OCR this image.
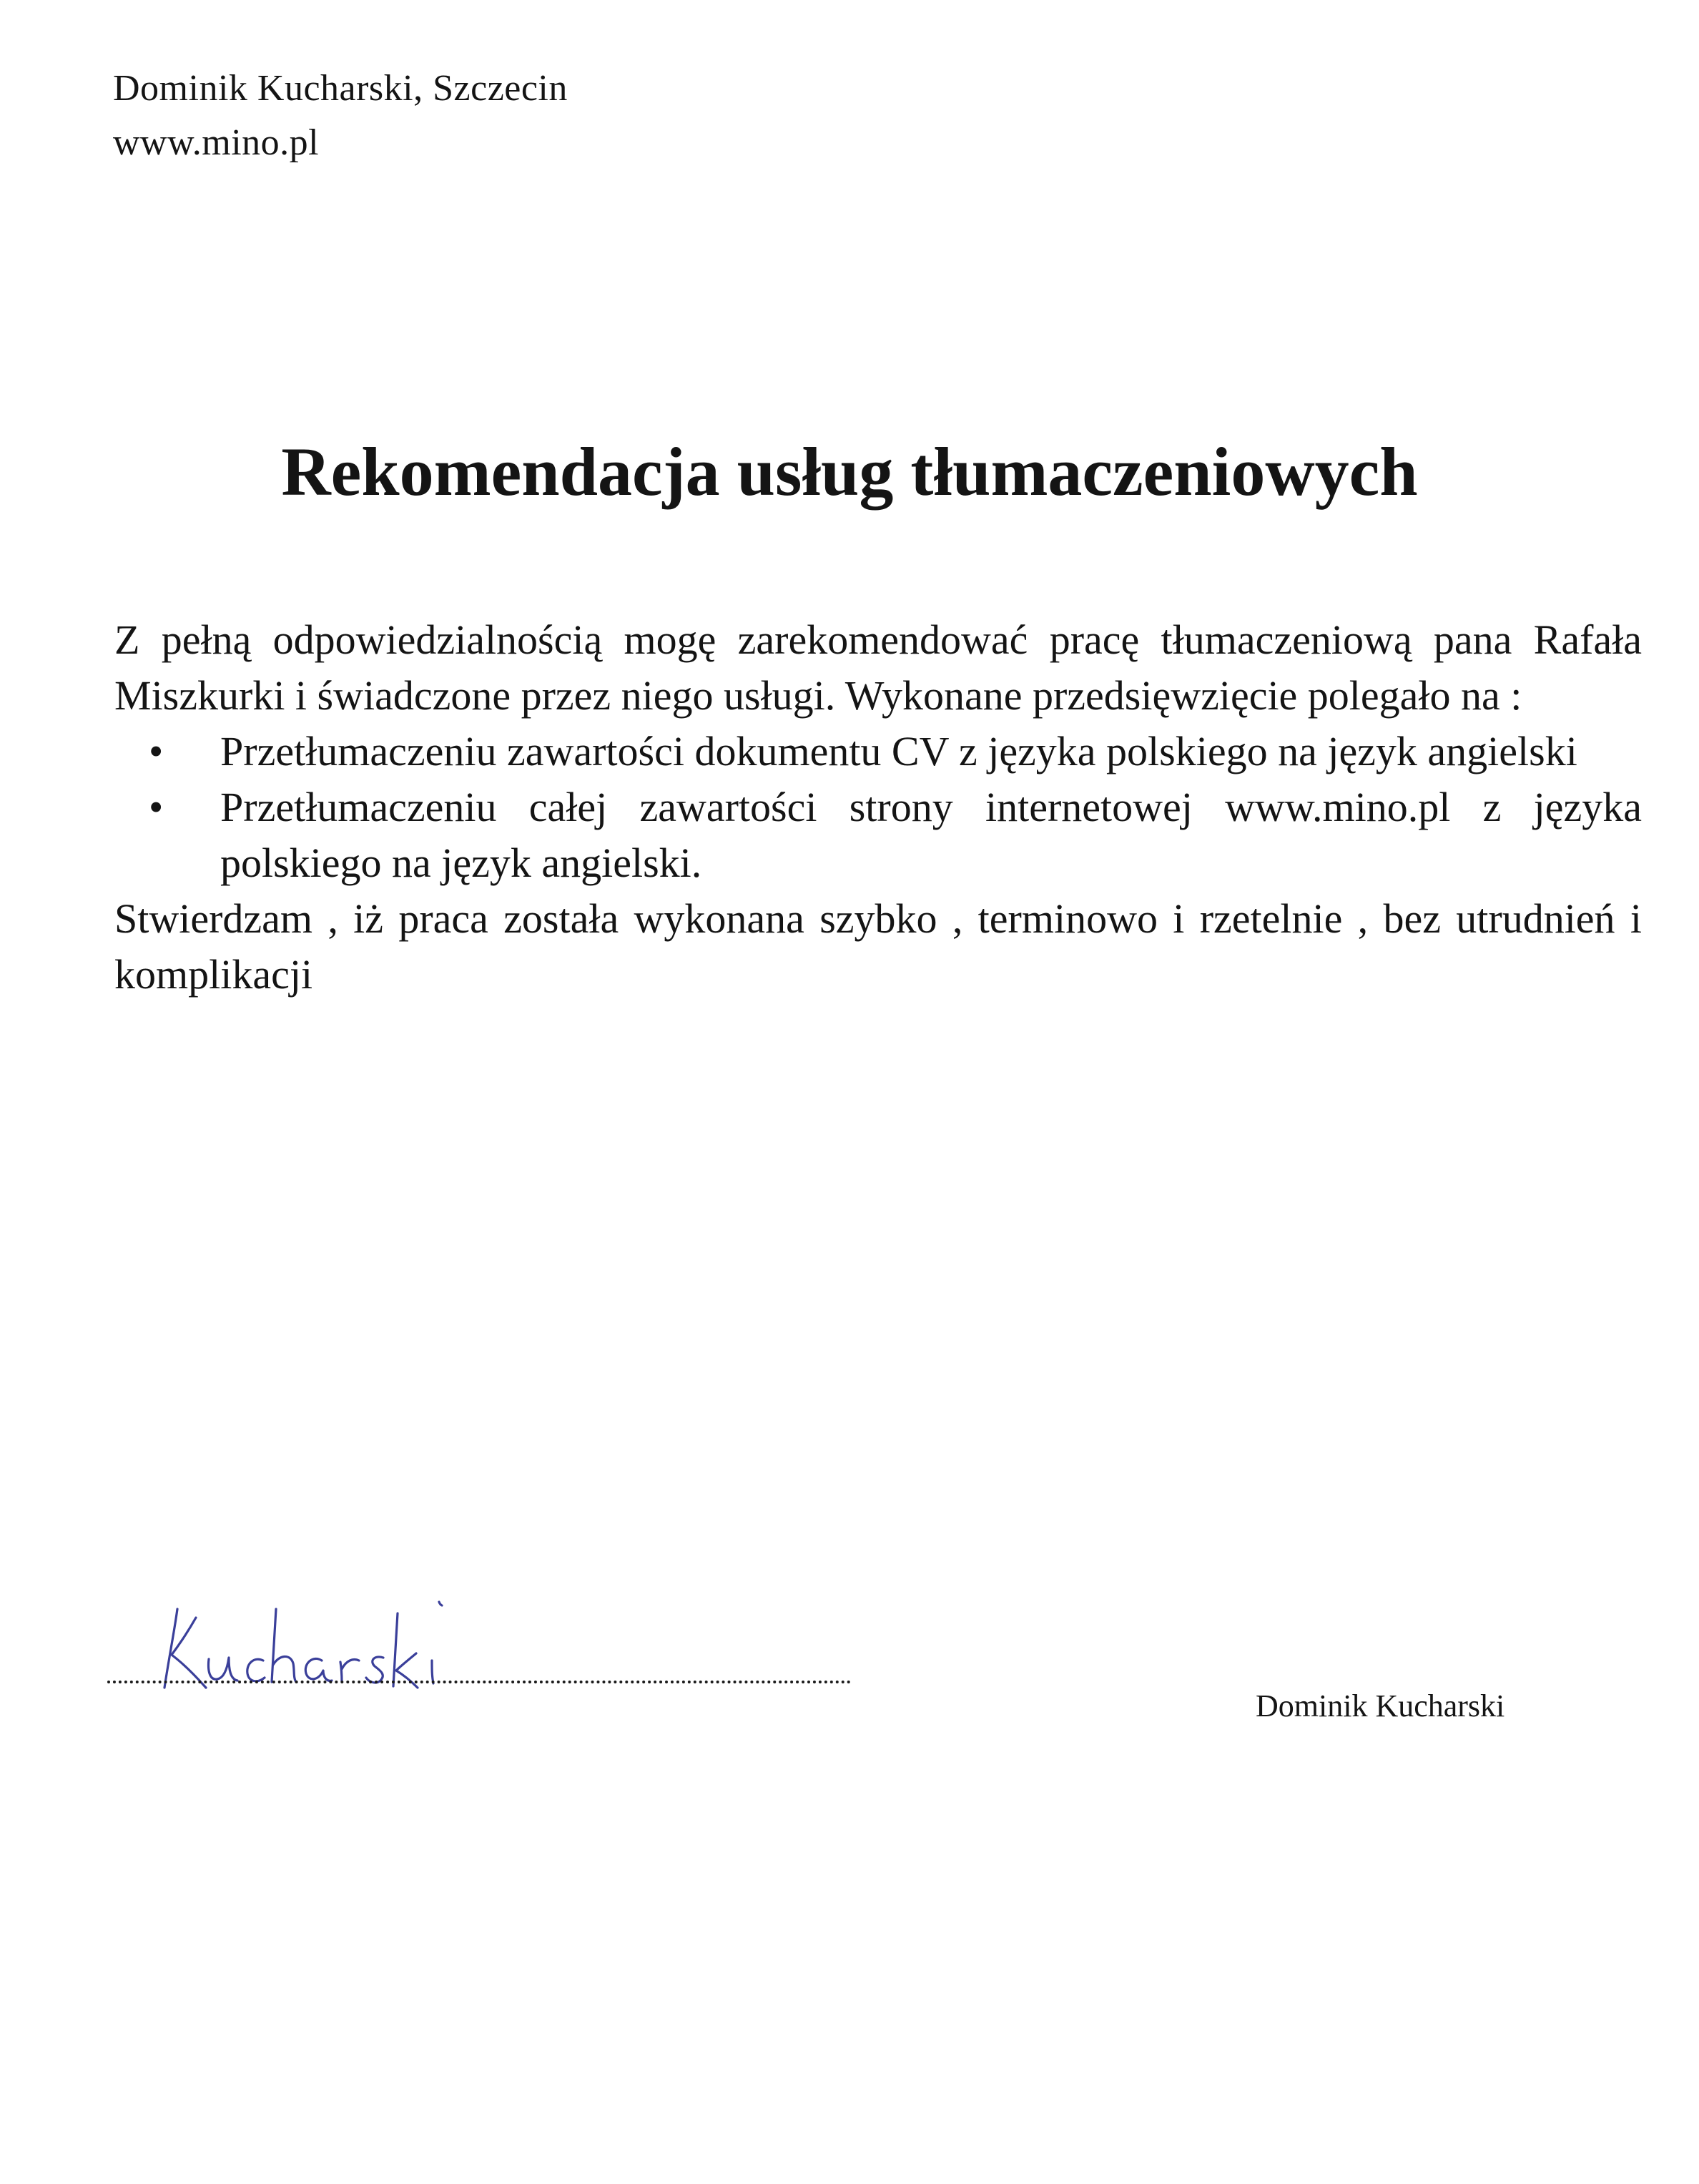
Dominik Kucharski, Szczecin
www.mino.pl
Rekomendacja usług tłumaczeniowych

Z pełną odpowiedzialnością mogę zarekomendować pracę tłumaczeniową pana Rafała Miszkurki i świadczone przez niego usługi. Wykonane przedsięwzięcie polegało na :

• Przetłumaczeniu zawartości dokumentu CV z języka polskiego na język angielski
• Przetłumaczeniu całej zawartości strony internetowej www.mino.pl z języka polskiego na język angielski.

Stwierdzam , iż praca została wykonana szybko , terminowo i rzetelnie , bez utrudnień i komplikacji

Dominik Kucharski
